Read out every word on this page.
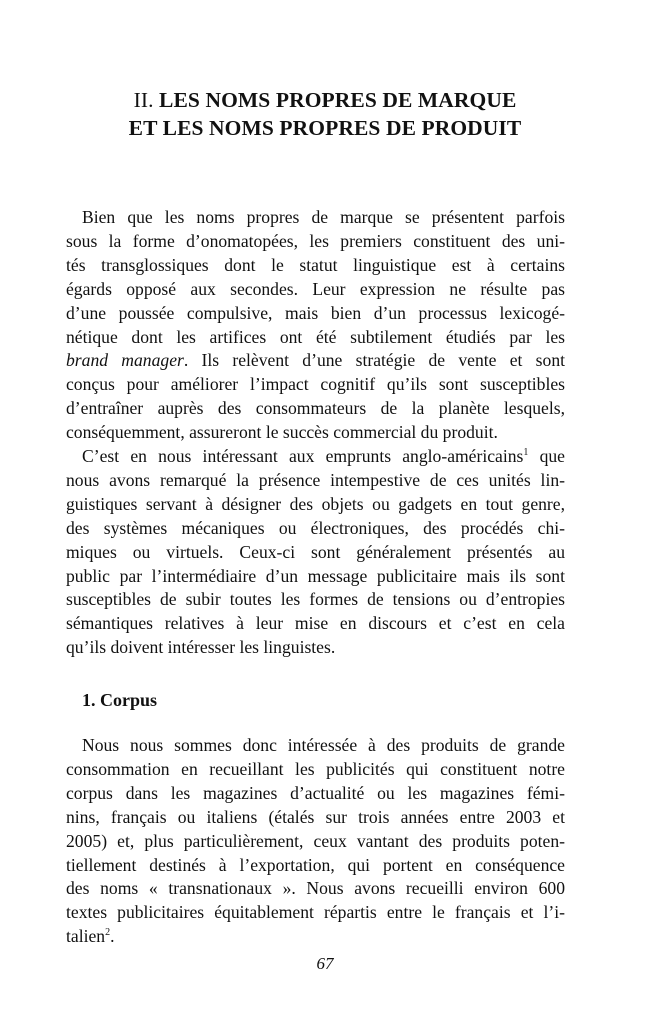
II. LES NOMS PROPRES DE MARQUE
ET LES NOMS PROPRES DE PRODUIT

Bien que les noms propres de marque se présentent parfois
sous la forme d’onomatopées, les premiers constituent des uni-
tés transglossiques dont le statut linguistique est à certains
égards opposé aux secondes. Leur expression ne résulte pas
d’une poussée compulsive, mais bien d’un processus lexicogé-
nétique dont les artifices ont été subtilement étudiés par les
brand manager. Ils relèvent d’une stratégie de vente et sont
conçus pour améliorer l’impact cognitif qu’ils sont susceptibles
d’entraîner auprès des consommateurs de la planète lesquels,
conséquemment, assureront le succès commercial du produit.

C’est en nous intéressant aux emprunts anglo-américains$^1$ que
nous avons remarqué la présence intempestive de ces unités lin-
guistiques servant à désigner des objets ou gadgets en tout genre,
des systèmes mécaniques ou électroniques, des procédés chi-
miques ou virtuels. Ceux-ci sont généralement présentés au
public par l’intermédiaire d’un message publicitaire mais ils sont
susceptibles de subir toutes les formes de tensions ou d’entropies
sémantiques relatives à leur mise en discours et c’est en cela
qu’ils doivent intéresser les linguistes.

1. Corpus

Nous nous sommes donc intéressée à des produits de grande
consommation en recueillant les publicités qui constituent notre
corpus dans les magazines d’actualité ou les magazines fémi-
nins, français ou italiens (étalés sur trois années entre 2003 et
2005) et, plus particulièrement, ceux vantant des produits poten-
tiellement destinés à l’exportation, qui portent en conséquence
des noms « transnationaux ». Nous avons recueilli environ 600
textes publicitaires équitablement répartis entre le français et l’i-
talien$^2$.

67
